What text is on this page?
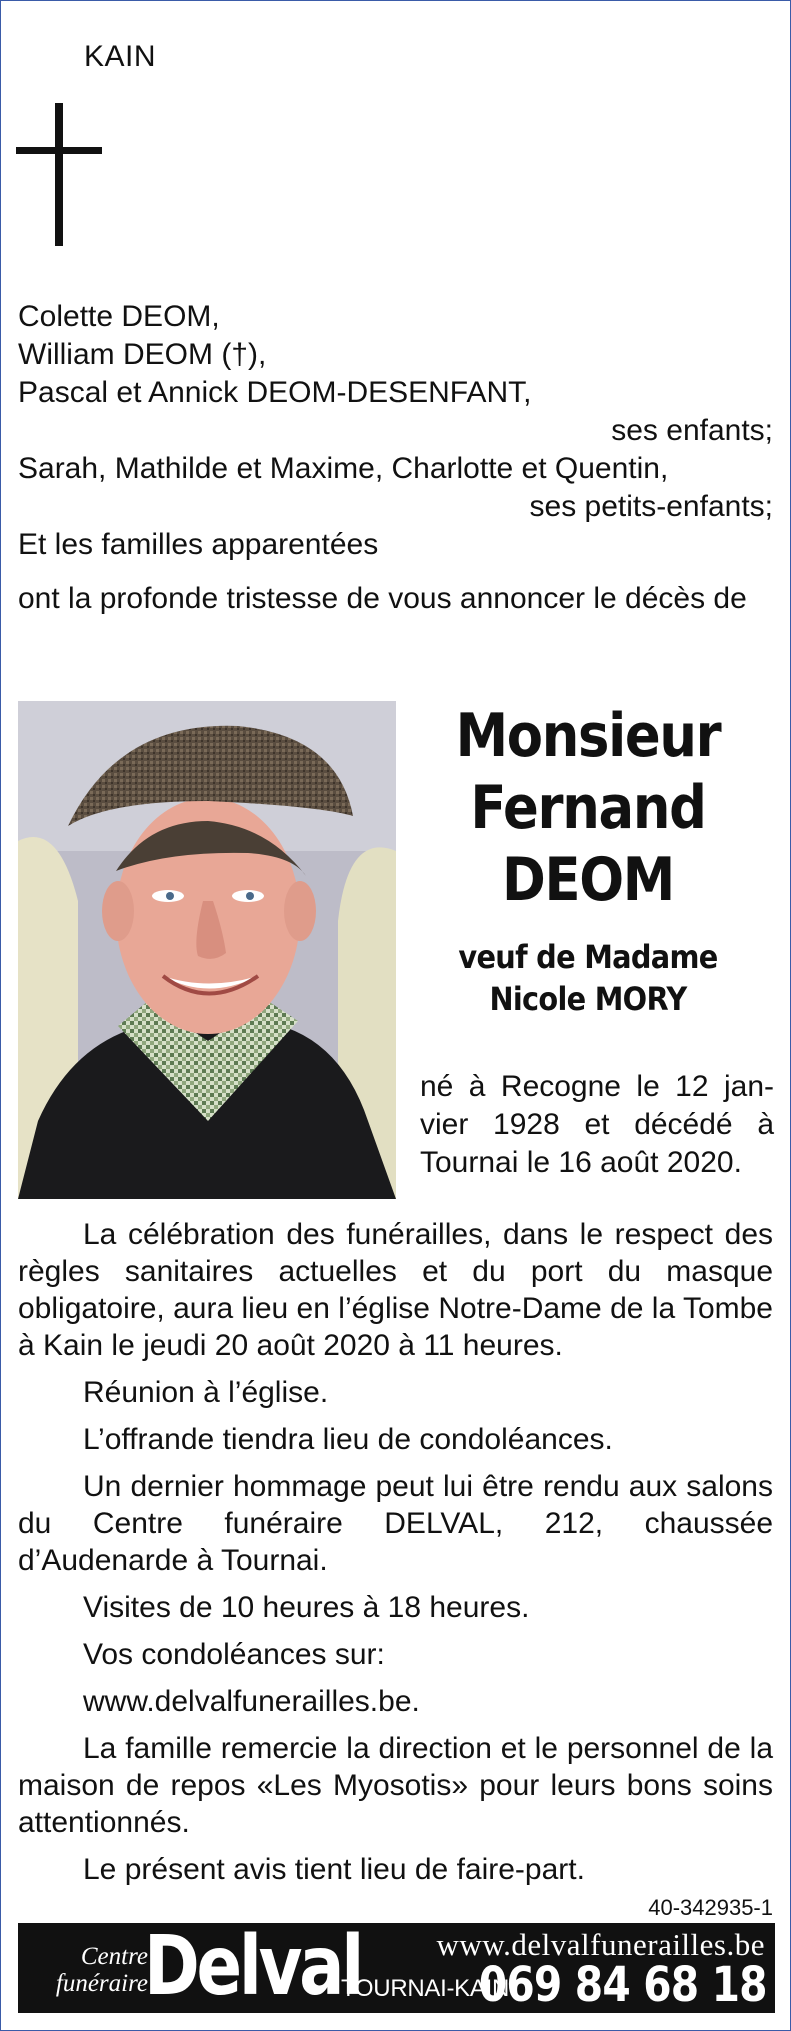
KAIN
Colette DEOM,
William DEOM (†),
Pascal et Annick DEOM-DESENFANT,
ses enfants;
Sarah, Mathilde et Maxime, Charlotte et Quentin,
ses petits-enfants;
Et les familles apparentées
ont la profonde tristesse de vous annoncer le décès de
Monsieur
Fernand
DEOM
veuf de Madame
Nicole MORY
né à Recogne le 12 jan-
vier 1928 et décédé à
Tournai le 16 août 2020.

La célébration des funérailles, dans le respect des règles sanitaires actuelles et du port du masque obligatoire, aura lieu en l’église Notre-Dame de la Tombe à Kain le jeudi 20 août 2020 à 11 heures.

Réunion à l’église.

L’offrande tiendra lieu de condoléances.

Un dernier hommage peut lui être rendu aux salons du Centre funéraire DELVAL, 212, chaussée d’Audenarde à Tournai.

Visites de 10 heures à 18 heures.

Vos condoléances sur:

www.delvalfunerailles.be.

La famille remercie la direction et le personnel de la maison de repos «Les Myosotis» pour leurs bons soins attentionnés.

Le présent avis tient lieu de faire-part.

40-342935-1
Centre
funéraire
Delval www.delvalfunerailles.be
TOURNAI-KAIN
069 84 68 18
